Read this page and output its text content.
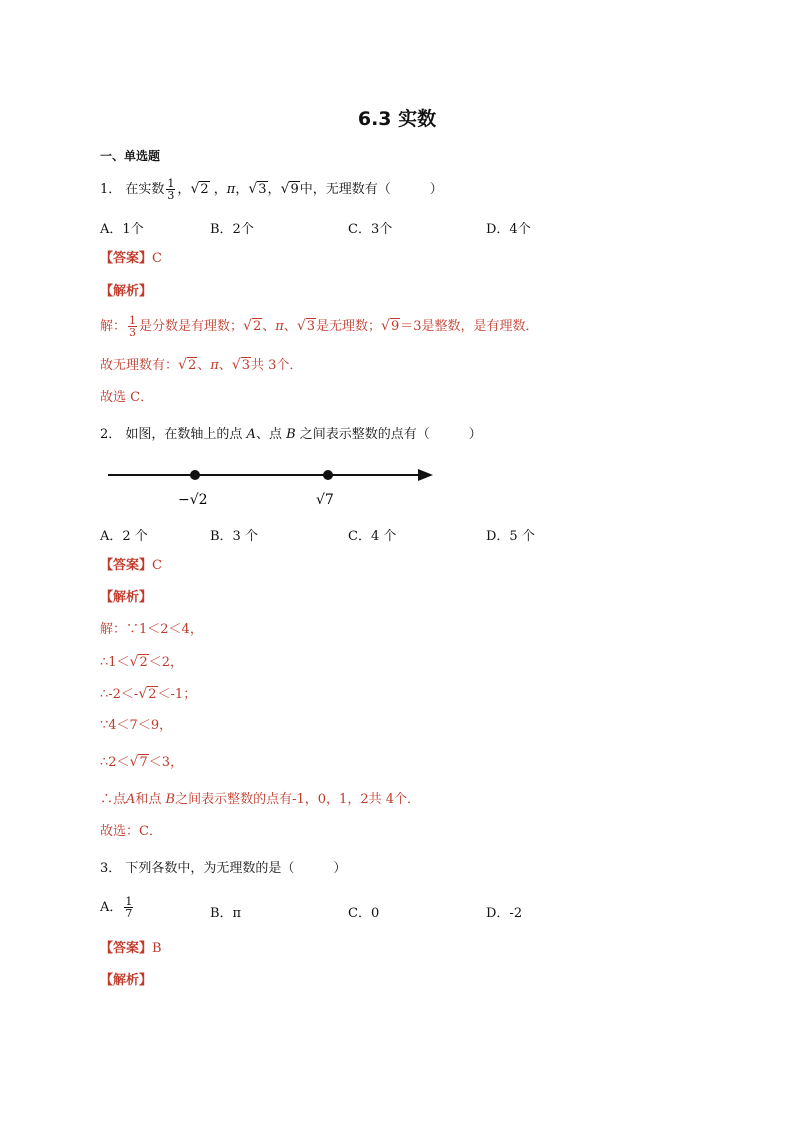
6.3 实数
一、单选题
1． 在实数 $\frac{1}{3}$ ，√2 ，π，√3，√9中，无理数有（　　　）
A．1个	B．2个	C．3个	D．4个
【答案】C
【解析】
解： $\frac{1}{3}$ 是分数是有理数；√2、π、√3是无理数；√9＝3是整数，是有理数．
故无理数有：√2、π、√3共 3个．
故选 C．
2． 如图，在数轴上的点 A、点 B 之间表示整数的点有（　　　）
−√2	√7
A．2 个	B．3 个	C．4 个	D．5 个
【答案】C
【解析】
解：∵1＜2＜4，
∴1＜√2＜2，
∴-2＜-√2＜-1；
∵4＜7＜9，
∴2＜√7＜3，
∴点A和点 B之间表示整数的点有-1，0，1，2共 4个．
故选：C．
3． 下列各数中，为无理数的是（　　　）
A． $\frac{1}{7}$	B．π	C．0	D．-2
【答案】B
【解析】
